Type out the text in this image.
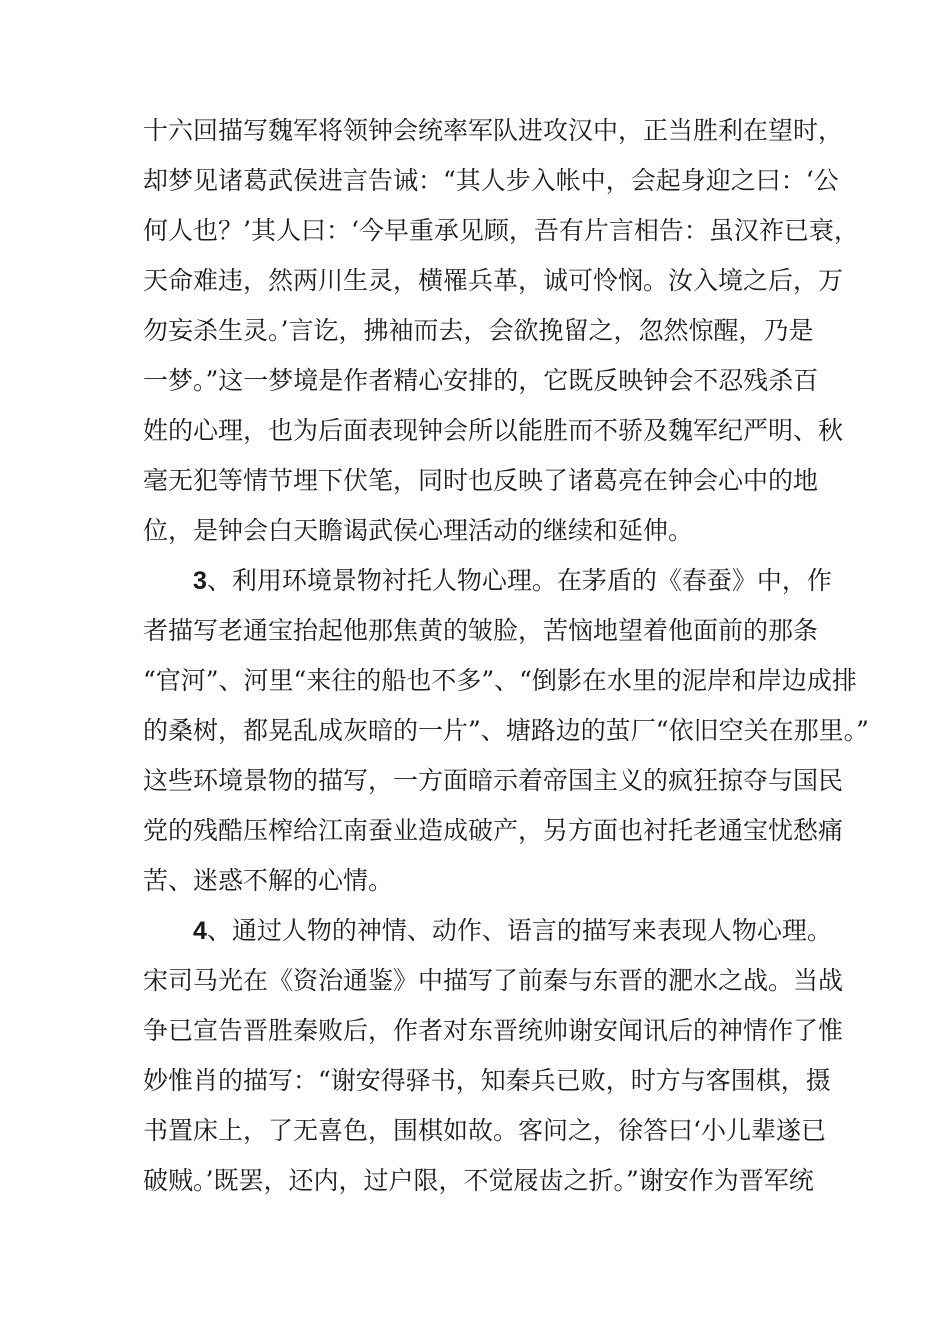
十六回描写魏军将领钟会统率军队进攻汉中，正当胜利在望时，
却梦见诸葛武侯进言告诫：“其人步入帐中，会起身迎之曰：‘公
何人也？’其人曰：‘今早重承见顾，吾有片言相告：虽汉祚已衰，
天命难违，然两川生灵，横罹兵革，诚可怜悯。汝入境之后，万
勿妄杀生灵。’言讫，拂袖而去，会欲挽留之，忽然惊醒，乃是
一梦。”这一梦境是作者精心安排的，它既反映钟会不忍残杀百
姓的心理，也为后面表现钟会所以能胜而不骄及魏军纪严明、秋
毫无犯等情节埋下伏笔，同时也反映了诸葛亮在钟会心中的地
位，是钟会白天瞻谒武侯心理活动的继续和延伸。
3、利用环境景物衬托人物心理。在茅盾的《春蚕》中，作
者描写老通宝抬起他那焦黄的皱脸，苦恼地望着他面前的那条
“官河”、河里“来往的船也不多”、“倒影在水里的泥岸和岸边成排
的桑树，都晃乱成灰暗的一片”、塘路边的茧厂“依旧空关在那里。”
这些环境景物的描写，一方面暗示着帝国主义的疯狂掠夺与国民
党的残酷压榨给江南蚕业造成破产，另方面也衬托老通宝忧愁痛
苦、迷惑不解的心情。
4、通过人物的神情、动作、语言的描写来表现人物心理。
宋司马光在《资治通鉴》中描写了前秦与东晋的淝水之战。当战
争已宣告晋胜秦败后，作者对东晋统帅谢安闻讯后的神情作了惟
妙惟肖的描写：“谢安得驿书，知秦兵已败，时方与客围棋，摄
书置床上，了无喜色，围棋如故。客问之，徐答曰‘小儿辈遂已
破贼。’既罢，还内，过户限，不觉屐齿之折。”谢安作为晋军统
